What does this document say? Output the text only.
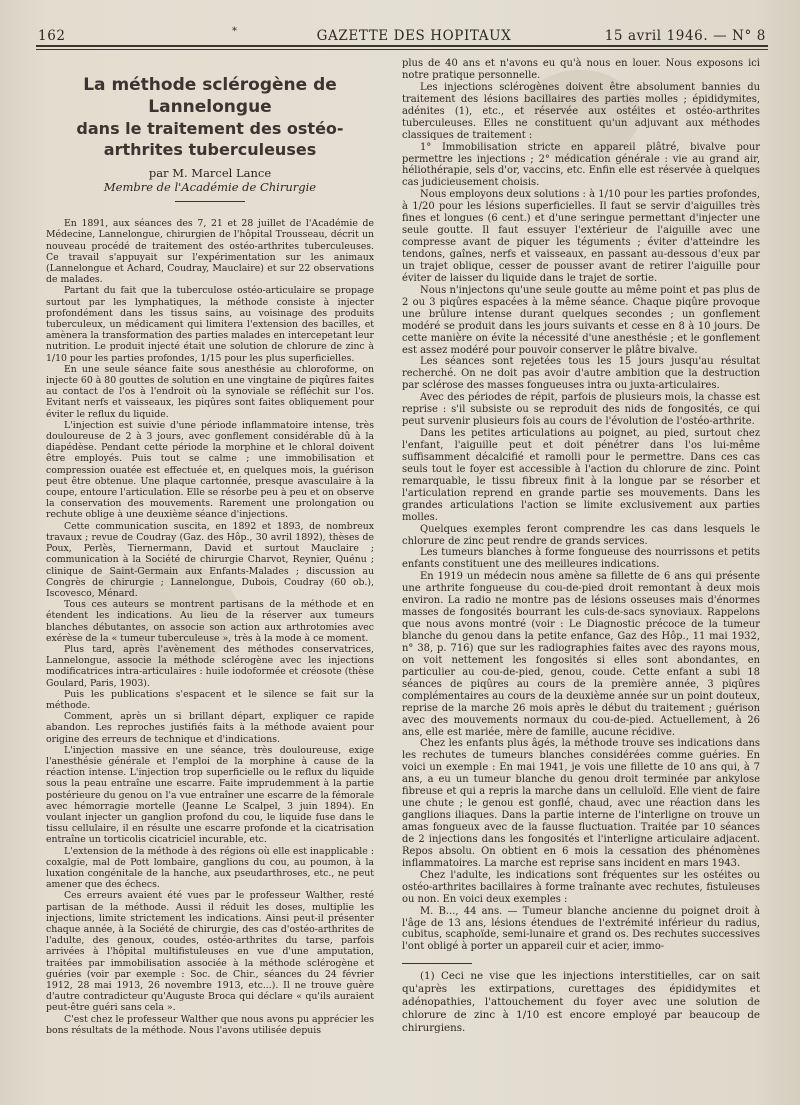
162	*	GAZETTE DES HOPITAUX	15 avril 1946. — N° 8
La méthode sclérogène de Lannelongue
dans le traitement des ostéo-arthrites tuberculeuses
par M. Marcel Lance
Membre de l'Académie de Chirurgie

En 1891, aux séances des 7, 21 et 28 juillet de l'Académie de Médecine, Lannelongue, chirurgien de l'hôpital Trousseau, décrit un nouveau procédé de traitement des ostéo-arthrites tuberculeuses. Ce travail s'appuyait sur l'expérimentation sur les animaux (Lannelongue et Achard, Coudray, Mauclaire) et sur 22 observations de malades.

Partant du fait que la tuberculose ostéo-articulaire se propage surtout par les lymphatiques, la méthode consiste à injecter profondément dans les tissus sains, au voisinage des produits tuberculeux, un médicament qui limitera l'extension des bacilles, et amènera la transformation des parties malades en intercepetant leur nutrition. Le produit injecté était une solution de chlorure de zinc à 1/10 pour les parties profondes, 1/15 pour les plus superficielles.

En une seule séance faite sous anesthésie au chloroforme, on injecte 60 à 80 gouttes de solution en une vingtaine de piqûres faites au contact de l'os à l'endroit où la synoviale se réfléchit sur l'os. Evitant nerfs et vaisseaux, les piqûres sont faites obliquement pour éviter le reflux du liquide.

L'injection est suivie d'une période inflammatoire intense, très douloureuse de 2 à 3 jours, avec gonflement considérable dû à la diapédèse. Pendant cette période la morphine et le chloral doivent être employés. Puis tout se calme ; une immobilisation et compression ouatée est effectuée et, en quelques mois, la guérison peut être obtenue. Une plaque cartonnée, presque avasculaire à la coupe, entoure l'articulation. Elle se résorbe peu à peu et on observe la conservation des mouvements. Rarement une prolongation ou rechute oblige à une deuxième séance d'injections.

Cette communication suscita, en 1892 et 1893, de nombreux travaux ; revue de Coudray (Gaz. des Hôp., 30 avril 1892), thèses de Poux, Perlès, Tiernermann, David et surtout Mauclaire ; communication à la Société de chirurgie Charvot, Reynier, Quénu ; clinique de Saint-Germain aux Enfants-Malades ; discussion au Congrès de chirurgie ; Lannelongue, Dubois, Coudray (60 ob.), Iscovesco, Ménard.

Tous ces auteurs se montrent partisans de la méthode et en étendent les indications. Au lieu de la réserver aux tumeurs blanches débutantes, on associe son action aux arthrotomies avec exérèse de la « tumeur tuberculeuse », très à la mode à ce moment.

Plus tard, après l'avènement des méthodes conservatrices, Lannelongue, associe la méthode sclérogène avec les injections modificatrices intra-articulaires : huile iodoformée et créosote (thèse Goulard, Paris, 1903).

Puis les publications s'espacent et le silence se fait sur la méthode.

Comment, après un si brillant départ, expliquer ce rapide abandon. Les reproches justifiés faits à la méthode avaient pour origine des erreurs de technique et d'indications.

L'injection massive en une séance, très douloureuse, exige l'anesthésie générale et l'emploi de la morphine à cause de la réaction intense. L'injection trop superficielle ou le reflux du liquide sous la peau entraîne une escarre. Faite imprudemment à la partie postérieure du genou on l'a vue entraîner une escarre de la fémorale avec hémorragie mortelle (Jeanne Le Scalpel, 3 juin 1894). En voulant injecter un ganglion profond du cou, le liquide fuse dans le tissu cellulaire, il en résulte une escarre profonde et la cicatrisation entraîne un torticolis cicatriciel incurable, etc.

L'extension de la méthode à des régions où elle est inapplicable : coxalgie, mal de Pott lombaire, ganglions du cou, au poumon, à la luxation congénitale de la hanche, aux pseudarthroses, etc., ne peut amener que des échecs.

Ces erreurs avaient été vues par le professeur Walther, resté partisan de la méthode. Aussi il réduit les doses, multiplie les injections, limite strictement les indications. Ainsi peut-il présenter chaque année, à la Société de chirurgie, des cas d'ostéo-arthrites de l'adulte, des genoux, coudes, ostéo-arthrites du tarse, parfois arrivées à l'hôpital multifistuleuses en vue d'une amputation, traitées par immobilisation associée à la méthode sclérogène et guéries (voir par exemple : Soc. de Chir., séances du 24 février 1912, 28 mai 1913, 26 novembre 1913, etc...). Il ne trouve guère d'autre contradicteur qu'Auguste Broca qui déclare « qu'ils auraient peut-être guéri sans cela ».

C'est chez le professeur Walther que nous avons pu apprécier les bons résultats de la méthode. Nous l'avons utilisée depuis

plus de 40 ans et n'avons eu qu'à nous en louer. Nous exposons ici notre pratique personnelle.

Les injections sclérogènes doivent être absolument bannies du traitement des lésions bacillaires des parties molles ; épididymites, adénites (1), etc., et réservée aux ostéites et ostéo-arthrites tuberculeuses. Elles ne constituent qu'un adjuvant aux méthodes classiques de traitement :

1° Immobilisation stricte en appareil plâtré, bivalve pour permettre les injections ; 2° médication générale : vie au grand air, héliothérapie, sels d'or, vaccins, etc. Enfin elle est réservée à quelques cas judicieusement choisis.

Nous employons deux solutions : à 1/10 pour les parties profondes, à 1/20 pour les lésions superficielles. Il faut se servir d'aiguilles très fines et longues (6 cent.) et d'une seringue permettant d'injecter une seule goutte. Il faut essuyer l'extérieur de l'aiguille avec une compresse avant de piquer les téguments ; éviter d'atteindre les tendons, gaînes, nerfs et vaisseaux, en passant au-dessous d'eux par un trajet oblique, cesser de pousser avant de retirer l'aiguille pour éviter de laisser du liquide dans le trajet de sortie.

Nous n'injectons qu'une seule goutte au même point et pas plus de 2 ou 3 piqûres espacées à la même séance. Chaque piqûre provoque une brûlure intense durant quelques secondes ; un gonflement modéré se produit dans les jours suivants et cesse en 8 à 10 jours. De cette manière on évite la nécessité d'une anesthésie ; et le gonflement est assez modéré pour pouvoir conserver le plâtre bivalve.

Les séances sont rejetées tous les 15 jours jusqu'au résultat recherché. On ne doit pas avoir d'autre ambition que la destruction par sclérose des masses fongueuses intra ou juxta-articulaires.

Avec des périodes de répit, parfois de plusieurs mois, la chasse est reprise : s'il subsiste ou se reproduit des nids de fongosités, ce qui peut survenir plusieurs fois au cours de l'évolution de l'ostéo-arthrite.

Dans les petites articulations au poignet, au pied, surtout chez l'enfant, l'aiguille peut et doit pénétrer dans l'os lui-même suffisamment décalcifié et ramolli pour le permettre. Dans ces cas seuls tout le foyer est accessible à l'action du chlorure de zinc. Point remarquable, le tissu fibreux finit à la longue par se résorber et l'articulation reprend en grande partie ses mouvements. Dans les grandes articulations l'action se limite exclusivement aux parties molles.

Quelques exemples feront comprendre les cas dans lesquels le chlorure de zinc peut rendre de grands services.

Les tumeurs blanches à forme fongueuse des nourrissons et petits enfants constituent une des meilleures indications.

En 1919 un médecin nous amène sa fillette de 6 ans qui présente une arthrite fongueuse du cou-de-pied droit remontant à deux mois environ. La radio ne montre pas de lésions osseuses mais d'énormes masses de fongosités bourrant les culs-de-sacs synoviaux. Rappelons que nous avons montré (voir : Le Diagnostic précoce de la tumeur blanche du genou dans la petite enfance, Gaz des Hôp., 11 mai 1932, n° 38, p. 716) que sur les radiographies faites avec des rayons mous, on voit nettement les fongosités si elles sont abondantes, en particulier au cou-de-pied, genou, coude. Cette enfant a subi 18 séances de piqûres au cours de la première année, 3 piqûres complémentaires au cours de la deuxième année sur un point douteux, reprise de la marche 26 mois après le début du traitement ; guérison avec des mouvements normaux du cou-de-pied. Actuellement, à 26 ans, elle est mariée, mère de famille, aucune récidive.

Chez les enfants plus âgés, la méthode trouve ses indications dans les rechutes de tumeurs blanches considérées comme guéries. En voici un exemple : En mai 1941, je vois une fillette de 10 ans qui, à 7 ans, a eu un tumeur blanche du genou droit terminée par ankylose fibreuse et qui a repris la marche dans un celluloïd. Elle vient de faire une chute ; le genou est gonflé, chaud, avec une réaction dans les ganglions iliaques. Dans la partie interne de l'interligne on trouve un amas fongueux avec de la fausse fluctuation. Traitée par 10 séances de 2 injections dans les fongosités et l'interligne articulaire adjacent. Repos absolu. On obtient en 6 mois la cessation des phénomènes inflammatoires. La marche est reprise sans incident en mars 1943.

Chez l'adulte, les indications sont fréquentes sur les ostéites ou ostéo-arthrites bacillaires à forme traînante avec rechutes, fistuleuses ou non. En voici deux exemples :

M. B..., 44 ans. — Tumeur blanche ancienne du poignet droit à l'âge de 13 ans, lésions étendues de l'extrémité inférieur du radius, cubitus, scaphoïde, semi-lunaire et grand os. Des rechutes successives l'ont obligé à porter un appareil cuir et acier, immo-

(1) Ceci ne vise que les injections interstitielles, car on sait qu'après les extirpations, curettages des épididymites et adénopathies, l'attouchement du foyer avec une solution de chlorure de zinc à 1/10 est encore employé par beaucoup de chirurgiens.
